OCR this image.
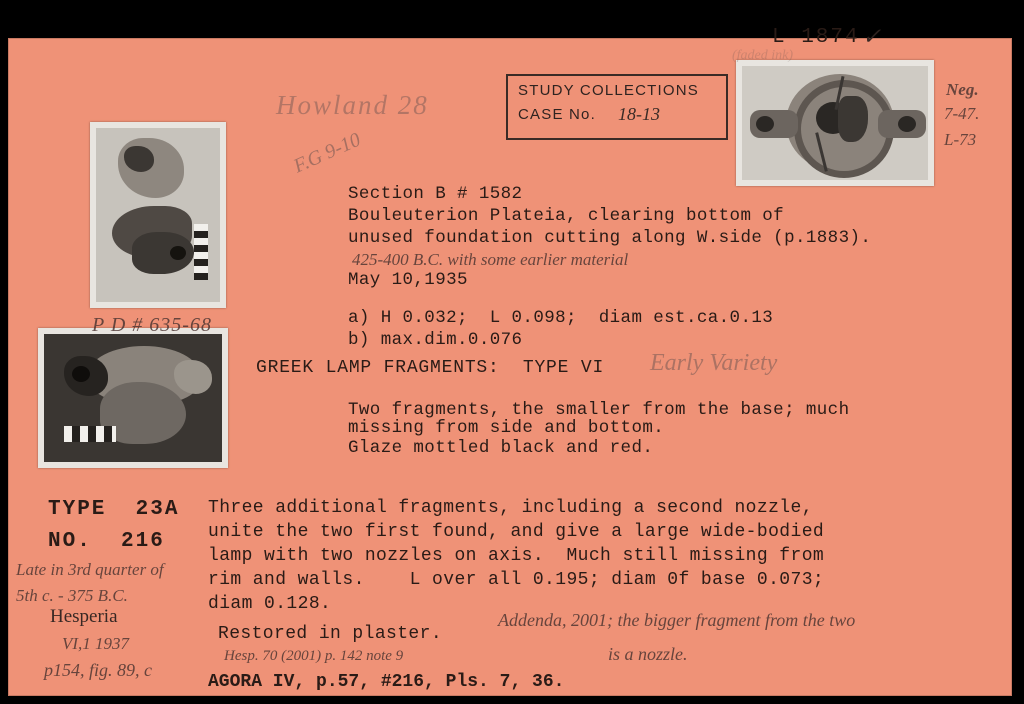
L 1874 ✓
(faded ink)
STUDY COLLECTIONS
CASE No. 18-13
Howland 28
F.G 9-10
P D # 635-68
Neg.
7-47.
L-73
Section B # 1582
Bouleuterion Plateia, clearing bottom of
unused foundation cutting along W.side (p.1883).
425-400 B.C. with some earlier material
May 10,1935
a) H 0.032;  L 0.098;  diam est.ca.0.13
b) max.dim.0.076
GREEK LAMP FRAGMENTS:  TYPE VI Early Variety
Two fragments, the smaller from the base; much
missing from side and bottom.
Glaze mottled black and red.
TYPE  23A
NO.  216
Three additional fragments, including a second nozzle,
unite the two first found, and give a large wide-bodied
lamp with two nozzles on axis.  Much still missing from
rim and walls.    L over all 0.195; diam 0f base 0.073;
diam 0.128.
Restored in plaster.
AGORA IV, p.57, #216, Pls. 7, 36.
Late in 3rd quarter of
5th c. - 375 B.C.
Hesperia
VI,1 1937
p154, fig. 89, c
Hesp. 70 (2001) p. 142 note 9
Addenda, 2001; the bigger fragment from the two
is a nozzle.
